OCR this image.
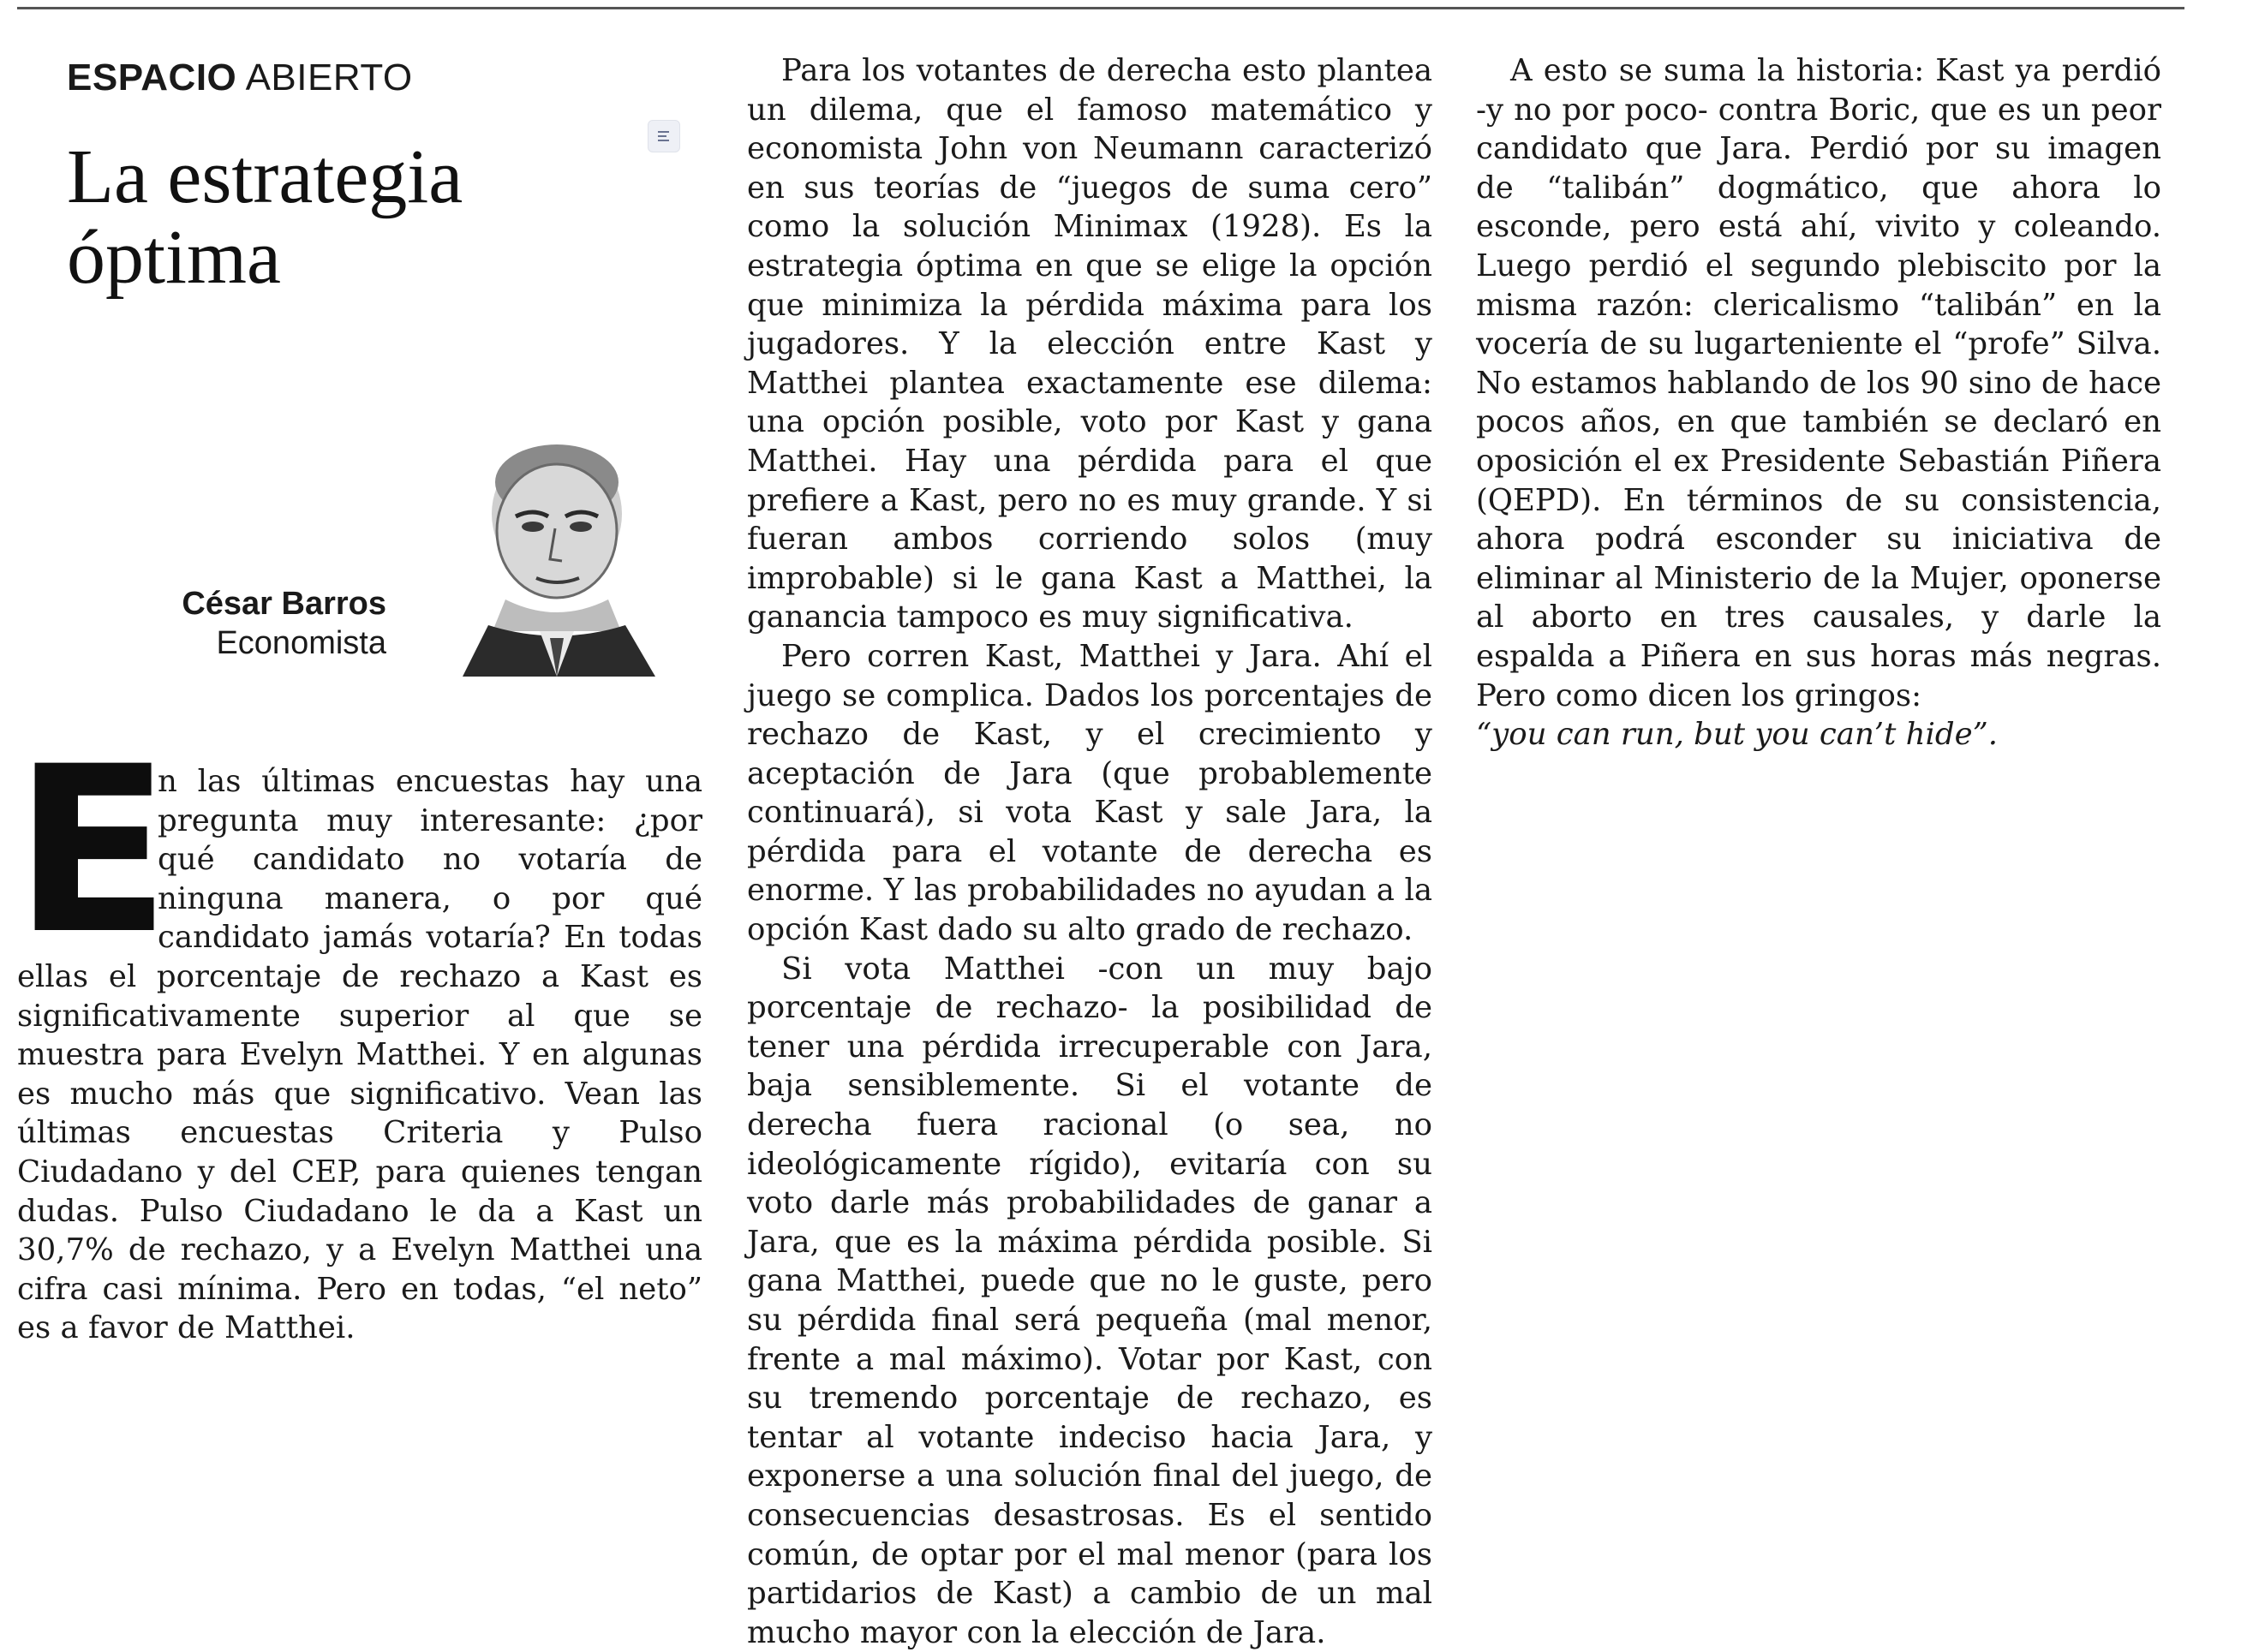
ESPACIO ABIERTO
La estrategia
óptima
César Barros
Economista
E

n las últimas encuestas hay una pregunta muy interesante: ¿por qué candidato no votaría de ninguna manera, o por qué candidato jamás votaría? En todas ellas el porcentaje de rechazo a Kast es significativamente superior al que se muestra para Evelyn Matthei. Y en algunas es mucho más que significativo. Vean las últimas encuestas Criteria y Pulso Ciudadano y del CEP, para quienes tengan dudas. Pulso Ciudadano le da a Kast un 30,7% de rechazo, y a Evelyn Matthei una cifra casi mínima. Pero en todas, “el neto” es a favor de Matthei.

Para los votantes de derecha esto plantea un dilema, que el famoso matemático y economista John von Neumann caracterizó en sus teorías de “juegos de suma cero” como la solución Minimax (1928). Es la estrategia óptima en que se elige la opción que minimiza la pérdida máxima para los jugadores. Y la elección entre Kast y Matthei plantea exactamente ese dilema: una opción posible, voto por Kast y gana Matthei. Hay una pérdida para el que prefiere a Kast, pero no es muy grande. Y si fueran ambos corriendo solos (muy improbable) si le gana Kast a Matthei, la ganancia tampoco es muy significativa.

Pero corren Kast, Matthei y Jara. Ahí el juego se complica. Dados los porcentajes de rechazo de Kast, y el crecimiento y aceptación de Jara (que probablemente continuará), si vota Kast y sale Jara, la pérdida para el votante de derecha es enorme. Y las probabilidades no ayudan a la opción Kast dado su alto grado de rechazo.

Si vota Matthei -con un muy bajo porcentaje de rechazo- la posibilidad de tener una pérdida irrecuperable con Jara, baja sensiblemente. Si el votante de derecha fuera racional (o sea, no ideológicamente rígido), evitaría con su voto darle más probabilidades de ganar a Jara, que es la máxima pérdida posible. Si gana Matthei, puede que no le guste, pero su pérdida final será pequeña (mal menor, frente a mal máximo). Votar por Kast, con su tremendo porcentaje de rechazo, es tentar al votante indeciso hacia Jara, y exponerse a una solución final del juego, de consecuencias desastrosas. Es el sentido común, de optar por el mal menor (para los partidarios de Kast) a cambio de un mal mucho mayor con la elección de Jara.

A esto se suma la historia: Kast ya perdió -y no por poco- contra Boric, que es un peor candidato que Jara. Perdió por su imagen de “talibán” dogmático, que ahora lo esconde, pero está ahí, vivito y coleando. Luego perdió el segundo plebiscito por la misma razón: clericalismo “talibán” en la vocería de su lugarteniente el “profe” Silva. No estamos hablando de los 90 sino de hace pocos años, en que también se declaró en oposición el ex Presidente Sebastián Piñera (QEPD). En términos de su consistencia, ahora podrá esconder su iniciativa de eliminar al Ministerio de la Mujer, oponerse al aborto en tres causales, y darle la espalda a Piñera en sus horas más negras. Pero como dicen los gringos:
“you can run, but you can’t hide”.
